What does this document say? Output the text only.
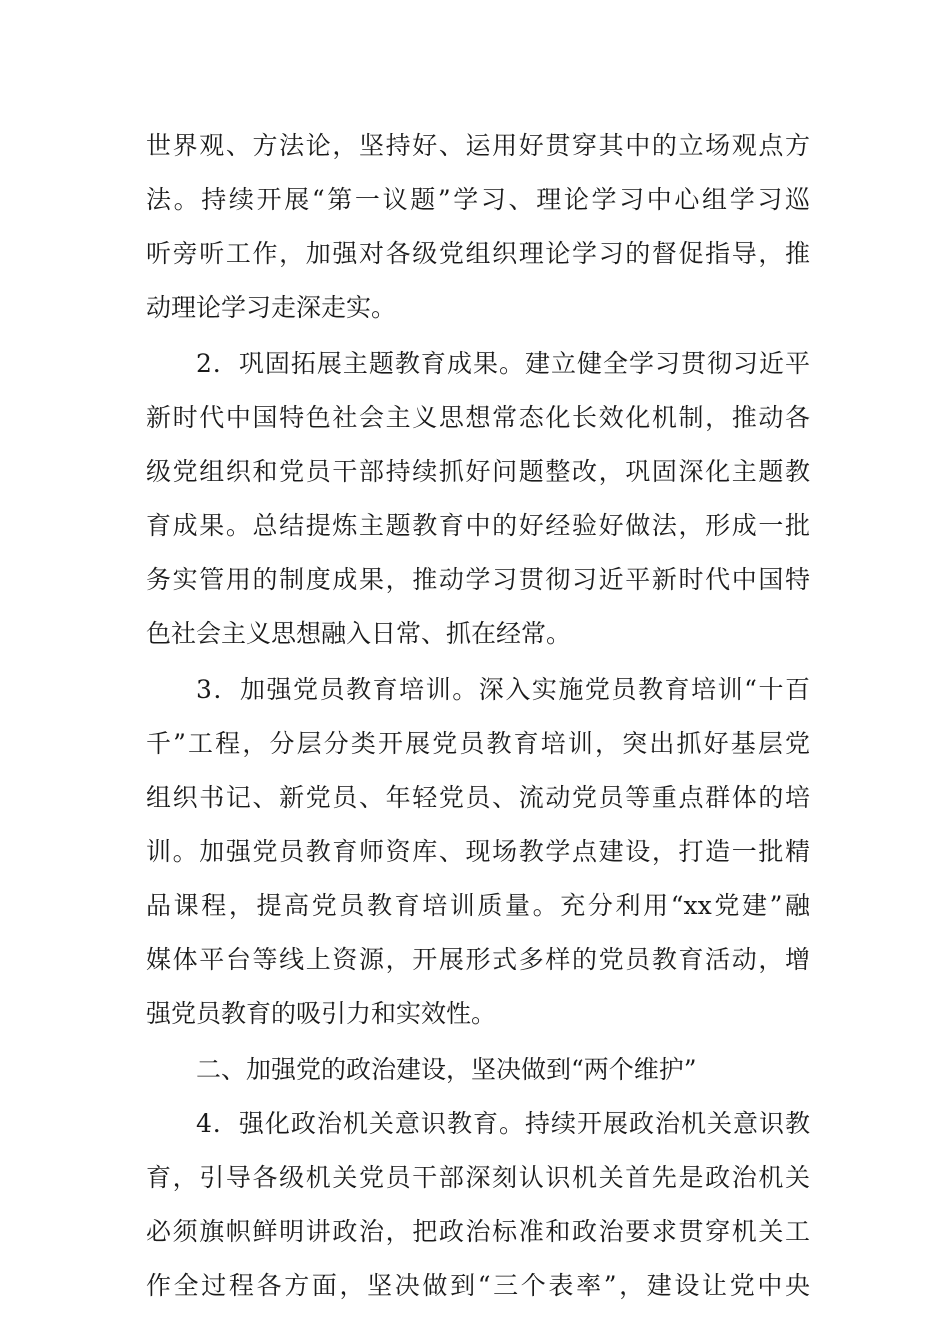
世界观、方法论，坚持好、运用好贯穿其中的立场观点方
法。持续开展“第一议题”学习、理论学习中心组学习巡
听旁听工作，加强对各级党组织理论学习的督促指导，推
动理论学习走深走实。
2．巩固拓展主题教育成果。建立健全学习贯彻习近平
新时代中国特色社会主义思想常态化长效化机制，推动各
级党组织和党员干部持续抓好问题整改，巩固深化主题教
育成果。总结提炼主题教育中的好经验好做法，形成一批
务实管用的制度成果，推动学习贯彻习近平新时代中国特
色社会主义思想融入日常、抓在经常。
3．加强党员教育培训。深入实施党员教育培训“十百
千”工程，分层分类开展党员教育培训，突出抓好基层党
组织书记、新党员、年轻党员、流动党员等重点群体的培
训。加强党员教育师资库、现场教学点建设，打造一批精
品课程，提高党员教育培训质量。充分利用“xx党建”融
媒体平台等线上资源，开展形式多样的党员教育活动，增
强党员教育的吸引力和实效性。
二、加强党的政治建设，坚决做到“两个维护”
4．强化政治机关意识教育。持续开展政治机关意识教
育，引导各级机关党员干部深刻认识机关首先是政治机关
必须旗帜鲜明讲政治，把政治标准和政治要求贯穿机关工
作全过程各方面，坚决做到“三个表率”，建设让党中央
